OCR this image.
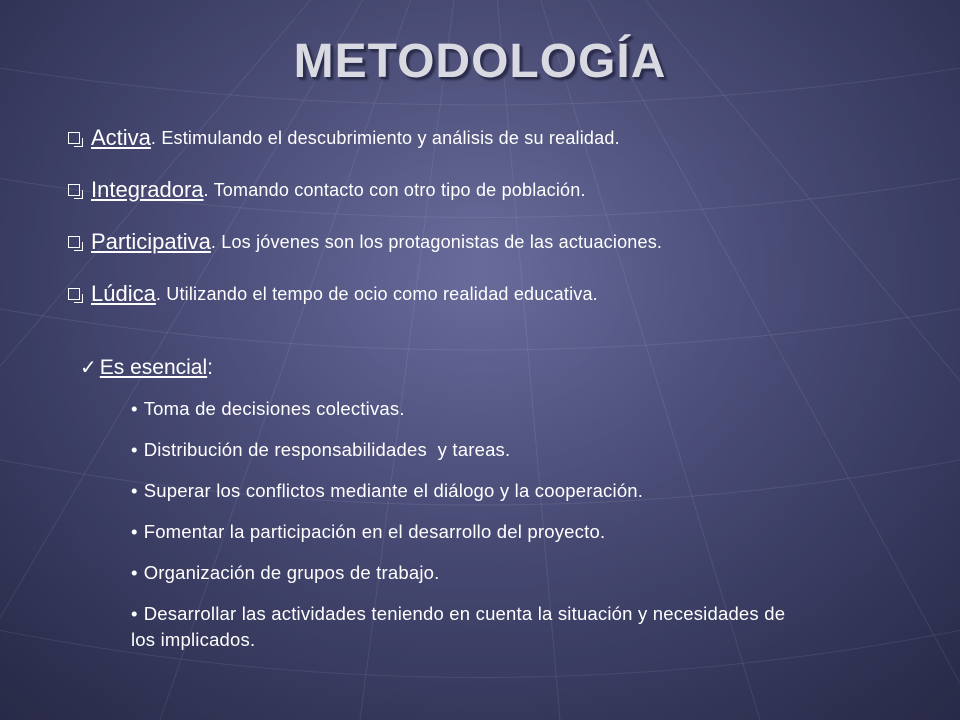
METODOLOGÍA
Activa . Estimulando el descubrimiento y análisis de su realidad.
Integradora . Tomando contacto con otro tipo de población.
Participativa . Los jóvenes son los protagonistas de las actuaciones.
Lúdica . Utilizando el tempo de ocio como realidad educativa.
✓ Es esencial :
• Toma de decisiones colectivas.
• Distribución de responsabilidades  y tareas.
• Superar los conflictos mediante el diálogo y la cooperación.
• Fomentar la participación en el desarrollo del proyecto.
• Organización de grupos de trabajo.
• Desarrollar las actividades teniendo en cuenta la situación y necesidades de los implicados.
